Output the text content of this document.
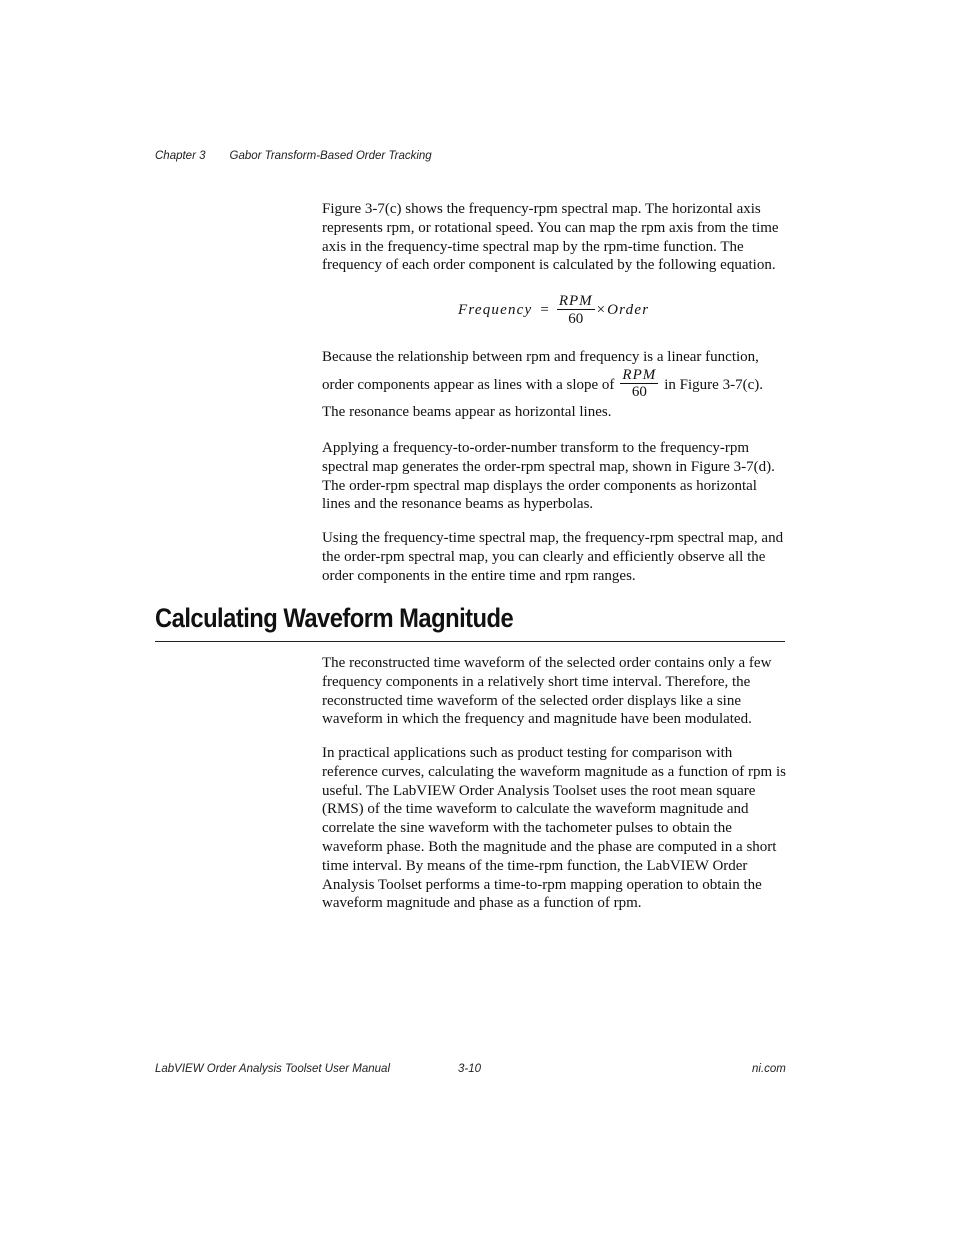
Chapter 3 Gabor Transform-Based Order Tracking

Figure 3-7(c) shows the frequency-rpm spectral map. The horizontal axis represents rpm, or rotational speed. You can map the rpm axis from the time axis in the frequency-time spectral map by the rpm-time function. The frequency of each order component is calculated by the following equation.

Frequency = $\frac{\text{RPM}}{60}$ × Order

Because the relationship between rpm and frequency is a linear function,

order components appear as lines with a slope of $\frac{\text{RPM}}{60}$ in Figure 3-7(c).

The resonance beams appear as horizontal lines.

Applying a frequency-to-order-number transform to the frequency-rpm spectral map generates the order-rpm spectral map, shown in Figure 3-7(d). The order-rpm spectral map displays the order components as horizontal lines and the resonance beams as hyperbolas.

Using the frequency-time spectral map, the frequency-rpm spectral map, and the order-rpm spectral map, you can clearly and efficiently observe all the order components in the entire time and rpm ranges.

Calculating Waveform Magnitude

The reconstructed time waveform of the selected order contains only a few frequency components in a relatively short time interval. Therefore, the reconstructed time waveform of the selected order displays like a sine waveform in which the frequency and magnitude have been modulated.

In practical applications such as product testing for comparison with reference curves, calculating the waveform magnitude as a function of rpm is useful. The LabVIEW Order Analysis Toolset uses the root mean square (RMS) of the time waveform to calculate the waveform magnitude and correlate the sine waveform with the tachometer pulses to obtain the waveform phase. Both the magnitude and the phase are computed in a short time interval. By means of the time-rpm function, the LabVIEW Order Analysis Toolset performs a time-to-rpm mapping operation to obtain the waveform magnitude and phase as a function of rpm.

LabVIEW Order Analysis Toolset User Manual	3-10	ni.com
